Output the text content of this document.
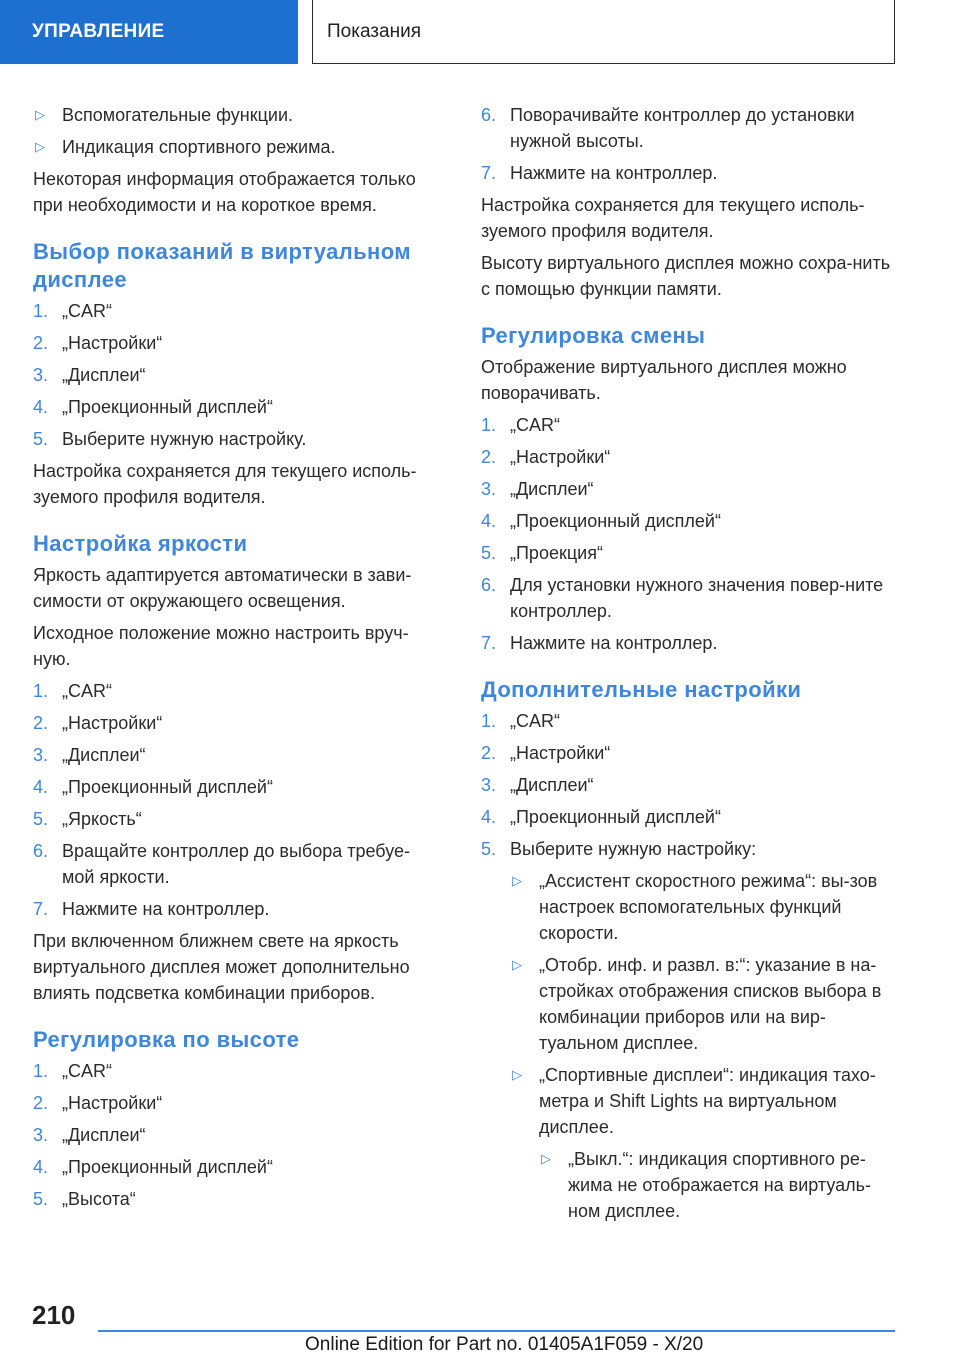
УПРАВЛЕНИЕ	Показания
▷ Вспомогательные функции.
▷ Индикация спортивного режима.
Некоторая информация отображается только при необходимости и на короткое время.
Выбор показаний в виртуальном дисплее
1. „CAR“
2. „Настройки“
3. „Дисплеи“
4. „Проекционный дисплей“
5. Выберите нужную настройку.
Настройка сохраняется для текущего исполь-зуемого профиля водителя.
Настройка яркости
Яркость адаптируется автоматически в зави-симости от окружающего освещения.
Исходное положение можно настроить вруч-ную.
1. „CAR“
2. „Настройки“
3. „Дисплеи“
4. „Проекционный дисплей“
5. „Яркость“
6. Вращайте контроллер до выбора требуе-мой яркости.
7. Нажмите на контроллер.
При включенном ближнем свете на яркость виртуального дисплея может дополнительно влиять подсветка комбинации приборов.
Регулировка по высоте
1. „CAR“
2. „Настройки“
3. „Дисплеи“
4. „Проекционный дисплей“
5. „Высота“
6. Поворачивайте контроллер до установки нужной высоты.
7. Нажмите на контроллер.
Настройка сохраняется для текущего исполь-зуемого профиля водителя.
Высоту виртуального дисплея можно сохра-нить с помощью функции памяти.
Регулировка смены
Отображение виртуального дисплея можно поворачивать.
1. „CAR“
2. „Настройки“
3. „Дисплеи“
4. „Проекционный дисплей“
5. „Проекция“
6. Для установки нужного значения повер-ните контроллер.
7. Нажмите на контроллер.
Дополнительные настройки
1. „CAR“
2. „Настройки“
3. „Дисплеи“
4. „Проекционный дисплей“
5. Выберите нужную настройку:
▷ „Ассистент скоростного режима“: вы-зов настроек вспомогательных функций скорости.
▷ „Отобр. инф. и развл. в:“: указание в на-стройках отображения списков выбора в комбинации приборов или на вир-туальном дисплее.
▷ „Спортивные дисплеи“: индикация тахо-метра и Shift Lights на виртуальном дисплее.
▷ „Выкл.“: индикация спортивного ре-жима не отображается на виртуаль-ном дисплее.
210
Online Edition for Part no. 01405A1F059 - X/20
